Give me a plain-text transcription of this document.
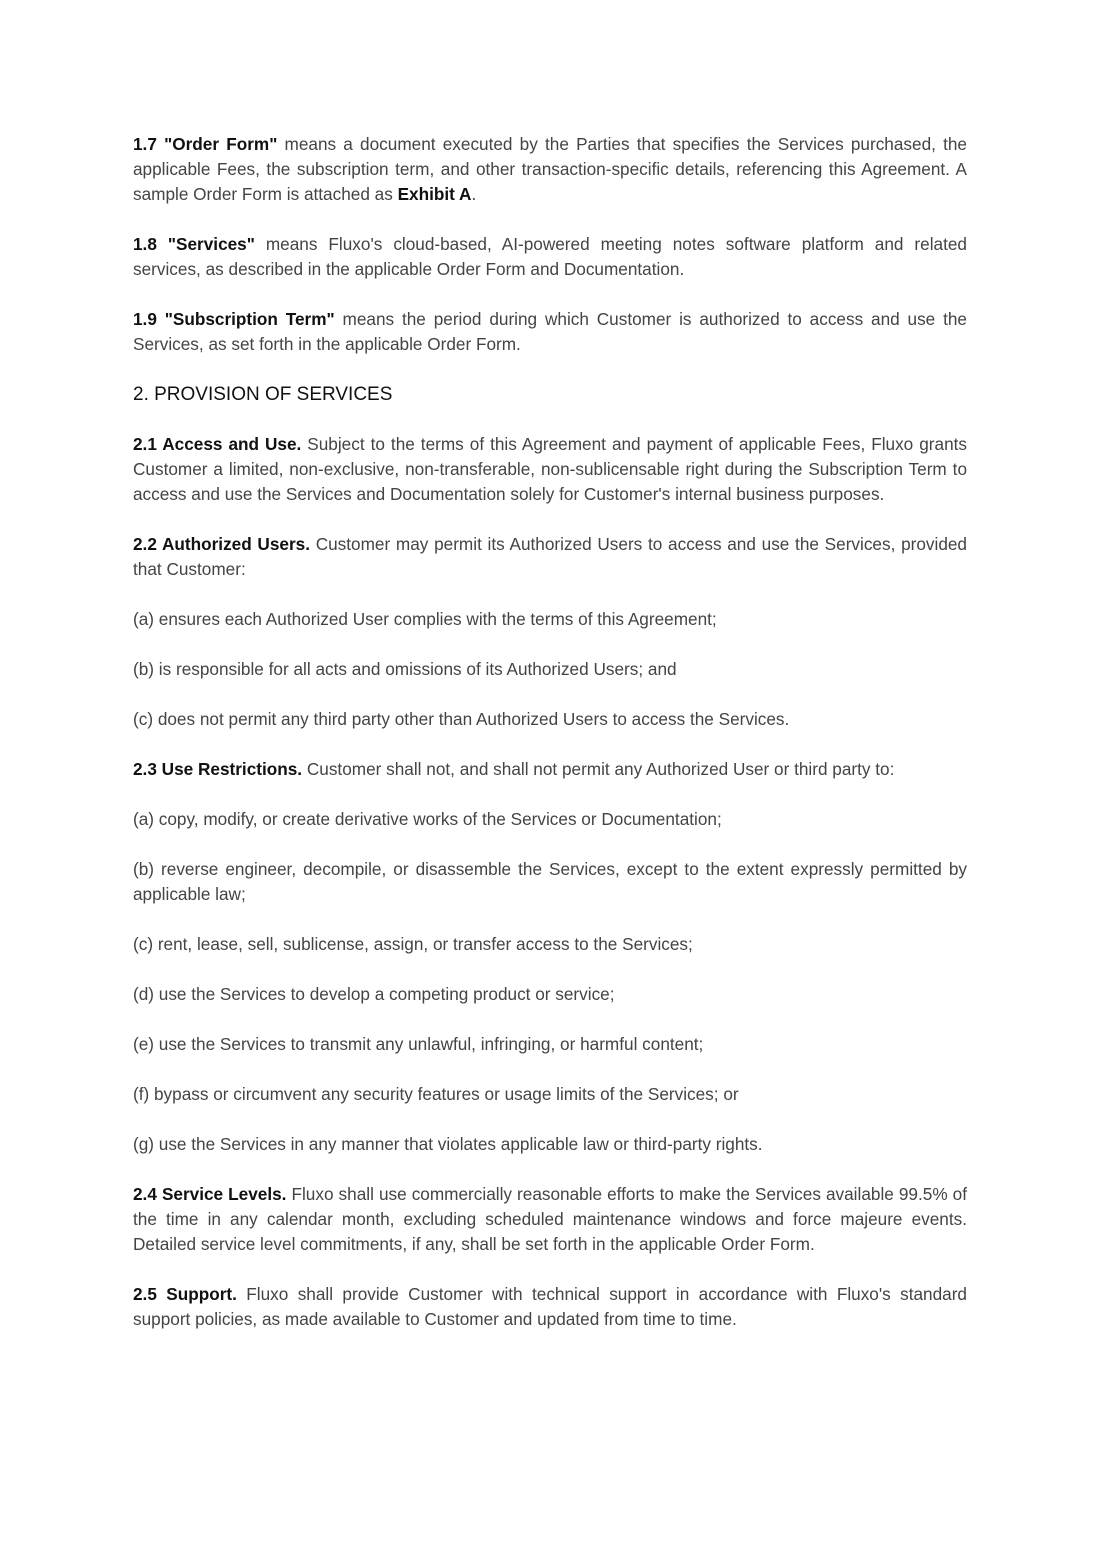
1.7 "Order Form" means a document executed by the Parties that specifies the Services purchased, the applicable Fees, the subscription term, and other transaction-specific details, referencing this Agreement. A sample Order Form is attached as Exhibit A.

1.8 "Services" means Fluxo's cloud-based, AI-powered meeting notes software platform and related services, as described in the applicable Order Form and Documentation.

1.9 "Subscription Term" means the period during which Customer is authorized to access and use the Services, as set forth in the applicable Order Form.

2. PROVISION OF SERVICES

2.1 Access and Use. Subject to the terms of this Agreement and payment of applicable Fees, Fluxo grants Customer a limited, non-exclusive, non-transferable, non-sublicensable right during the Subscription Term to access and use the Services and Documentation solely for Customer's internal business purposes.

2.2 Authorized Users. Customer may permit its Authorized Users to access and use the Services, provided that Customer:

(a) ensures each Authorized User complies with the terms of this Agreement;

(b) is responsible for all acts and omissions of its Authorized Users; and

(c) does not permit any third party other than Authorized Users to access the Services.

2.3 Use Restrictions. Customer shall not, and shall not permit any Authorized User or third party to:

(a) copy, modify, or create derivative works of the Services or Documentation;

(b) reverse engineer, decompile, or disassemble the Services, except to the extent expressly permitted by applicable law;

(c) rent, lease, sell, sublicense, assign, or transfer access to the Services;

(d) use the Services to develop a competing product or service;

(e) use the Services to transmit any unlawful, infringing, or harmful content;

(f) bypass or circumvent any security features or usage limits of the Services; or

(g) use the Services in any manner that violates applicable law or third-party rights.

2.4 Service Levels. Fluxo shall use commercially reasonable efforts to make the Services available 99.5% of the time in any calendar month, excluding scheduled maintenance windows and force majeure events. Detailed service level commitments, if any, shall be set forth in the applicable Order Form.

2.5 Support. Fluxo shall provide Customer with technical support in accordance with Fluxo's standard support policies, as made available to Customer and updated from time to time.
